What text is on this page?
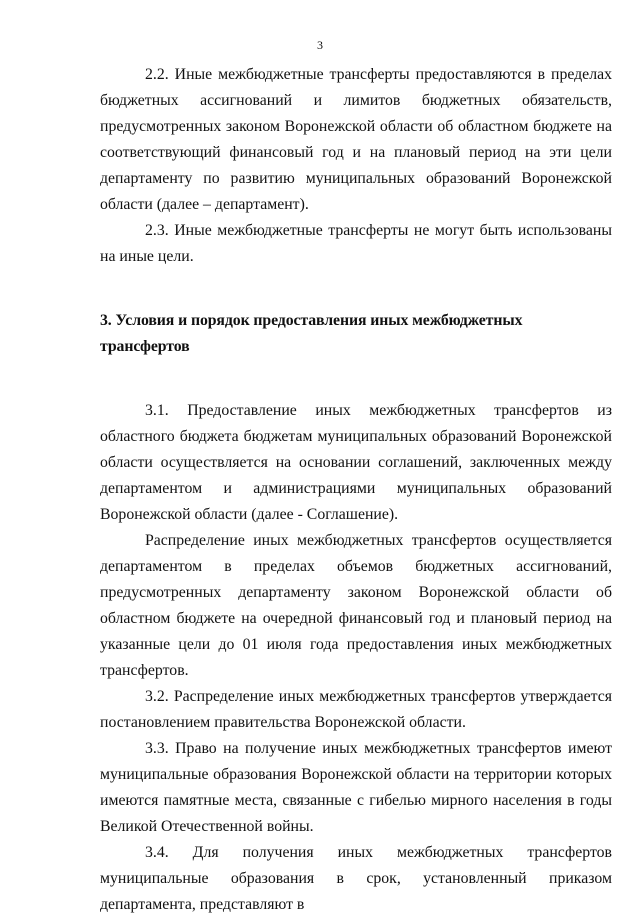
3

2.2. Иные межбюджетные трансферты предоставляются в пределах бюджетных ассигнований и лимитов бюджетных обязательств, предусмотренных законом Воронежской области об областном бюджете на соответствующий финансовый год и на плановый период на эти цели департаменту по развитию муниципальных образований Воронежской области (далее – департамент).

2.3. Иные межбюджетные трансферты не могут быть использованы на иные цели.

3. Условия и порядок предоставления иных межбюджетных трансфертов

3.1. Предоставление иных межбюджетных трансфертов из областного бюджета бюджетам муниципальных образований Воронежской области осуществляется на основании соглашений, заключенных между департаментом и администрациями муниципальных образований Воронежской области (далее - Соглашение).

Распределение иных межбюджетных трансфертов осуществляется департаментом в пределах объемов бюджетных ассигнований, предусмотренных департаменту законом Воронежской области об областном бюджете на очередной финансовый год и плановый период на указанные цели до 01 июля года предоставления иных межбюджетных трансфертов.

3.2. Распределение иных межбюджетных трансфертов утверждается постановлением правительства Воронежской области.

3.3. Право на получение иных межбюджетных трансфертов имеют муниципальные образования Воронежской области на территории которых имеются памятные места, связанные с гибелью мирного населения в годы Великой Отечественной войны.

3.4. Для получения иных межбюджетных трансфертов муниципальные образования в срок, установленный приказом департамента, представляют в
